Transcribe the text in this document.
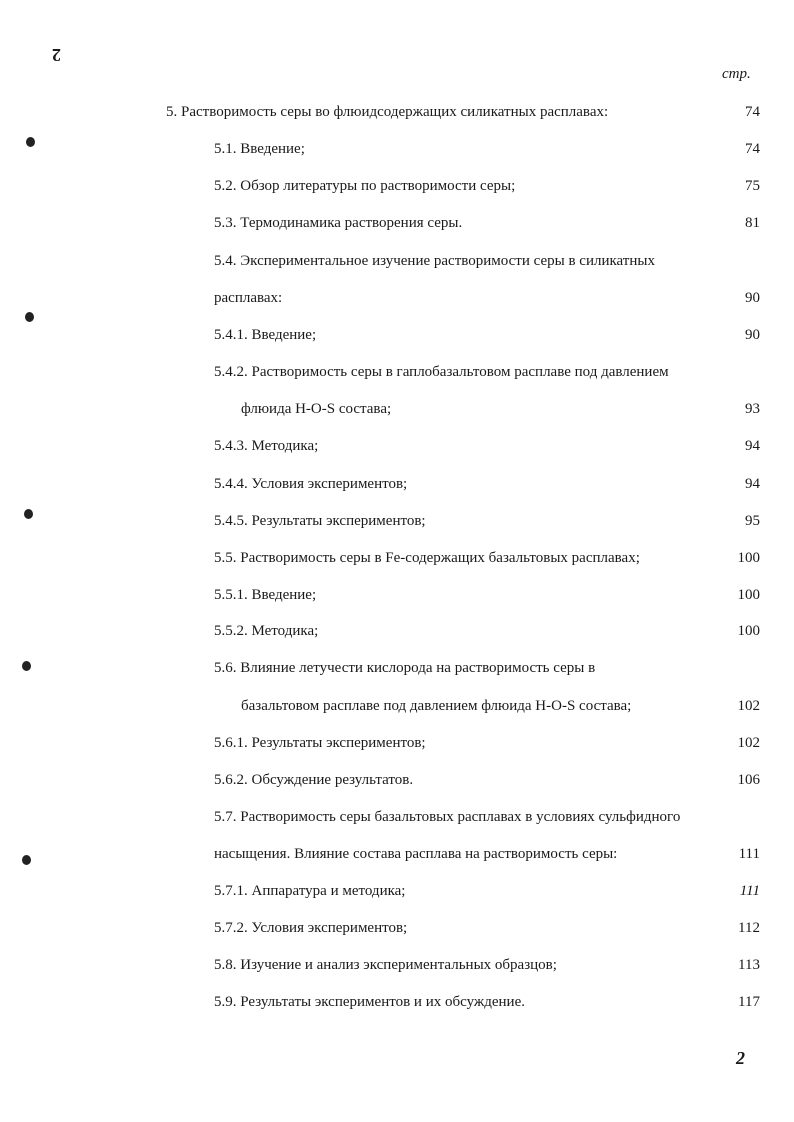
2
стр.
5. Растворимость серы во флюидсодержащих силикатных расплавах:	74
5.1. Введение;	74
5.2. Обзор литературы по растворимости серы;	75
5.3. Термодинамика растворения серы.	81
5.4. Экспериментальное изучение растворимости серы в силикатных
расплавах:	90
5.4.1. Введение;	90
5.4.2. Растворимость серы в гаплобазальтовом расплаве под давлением
флюида H-O-S состава;	93
5.4.3. Методика;	94
5.4.4. Условия экспериментов;	94
5.4.5. Результаты экспериментов;	95
5.5. Растворимость серы в Fe-содержащих базальтовых расплавах;	100
5.5.1. Введение;	100
5.5.2. Методика;	100
5.6. Влияние летучести кислорода на растворимость серы в
базальтовом расплаве под давлением флюида H-O-S состава;	102
5.6.1. Результаты экспериментов;	102
5.6.2. Обсуждение результатов.	106
5.7. Растворимость серы базальтовых расплавах в условиях сульфидного
насыщения. Влияние состава расплава на растворимость серы:	111
5.7.1. Аппаратура и методика;	111
5.7.2. Условия экспериментов;	112
5.8. Изучение и анализ экспериментальных образцов;	113
5.9. Результаты экспериментов и их обсуждение.	117
2
